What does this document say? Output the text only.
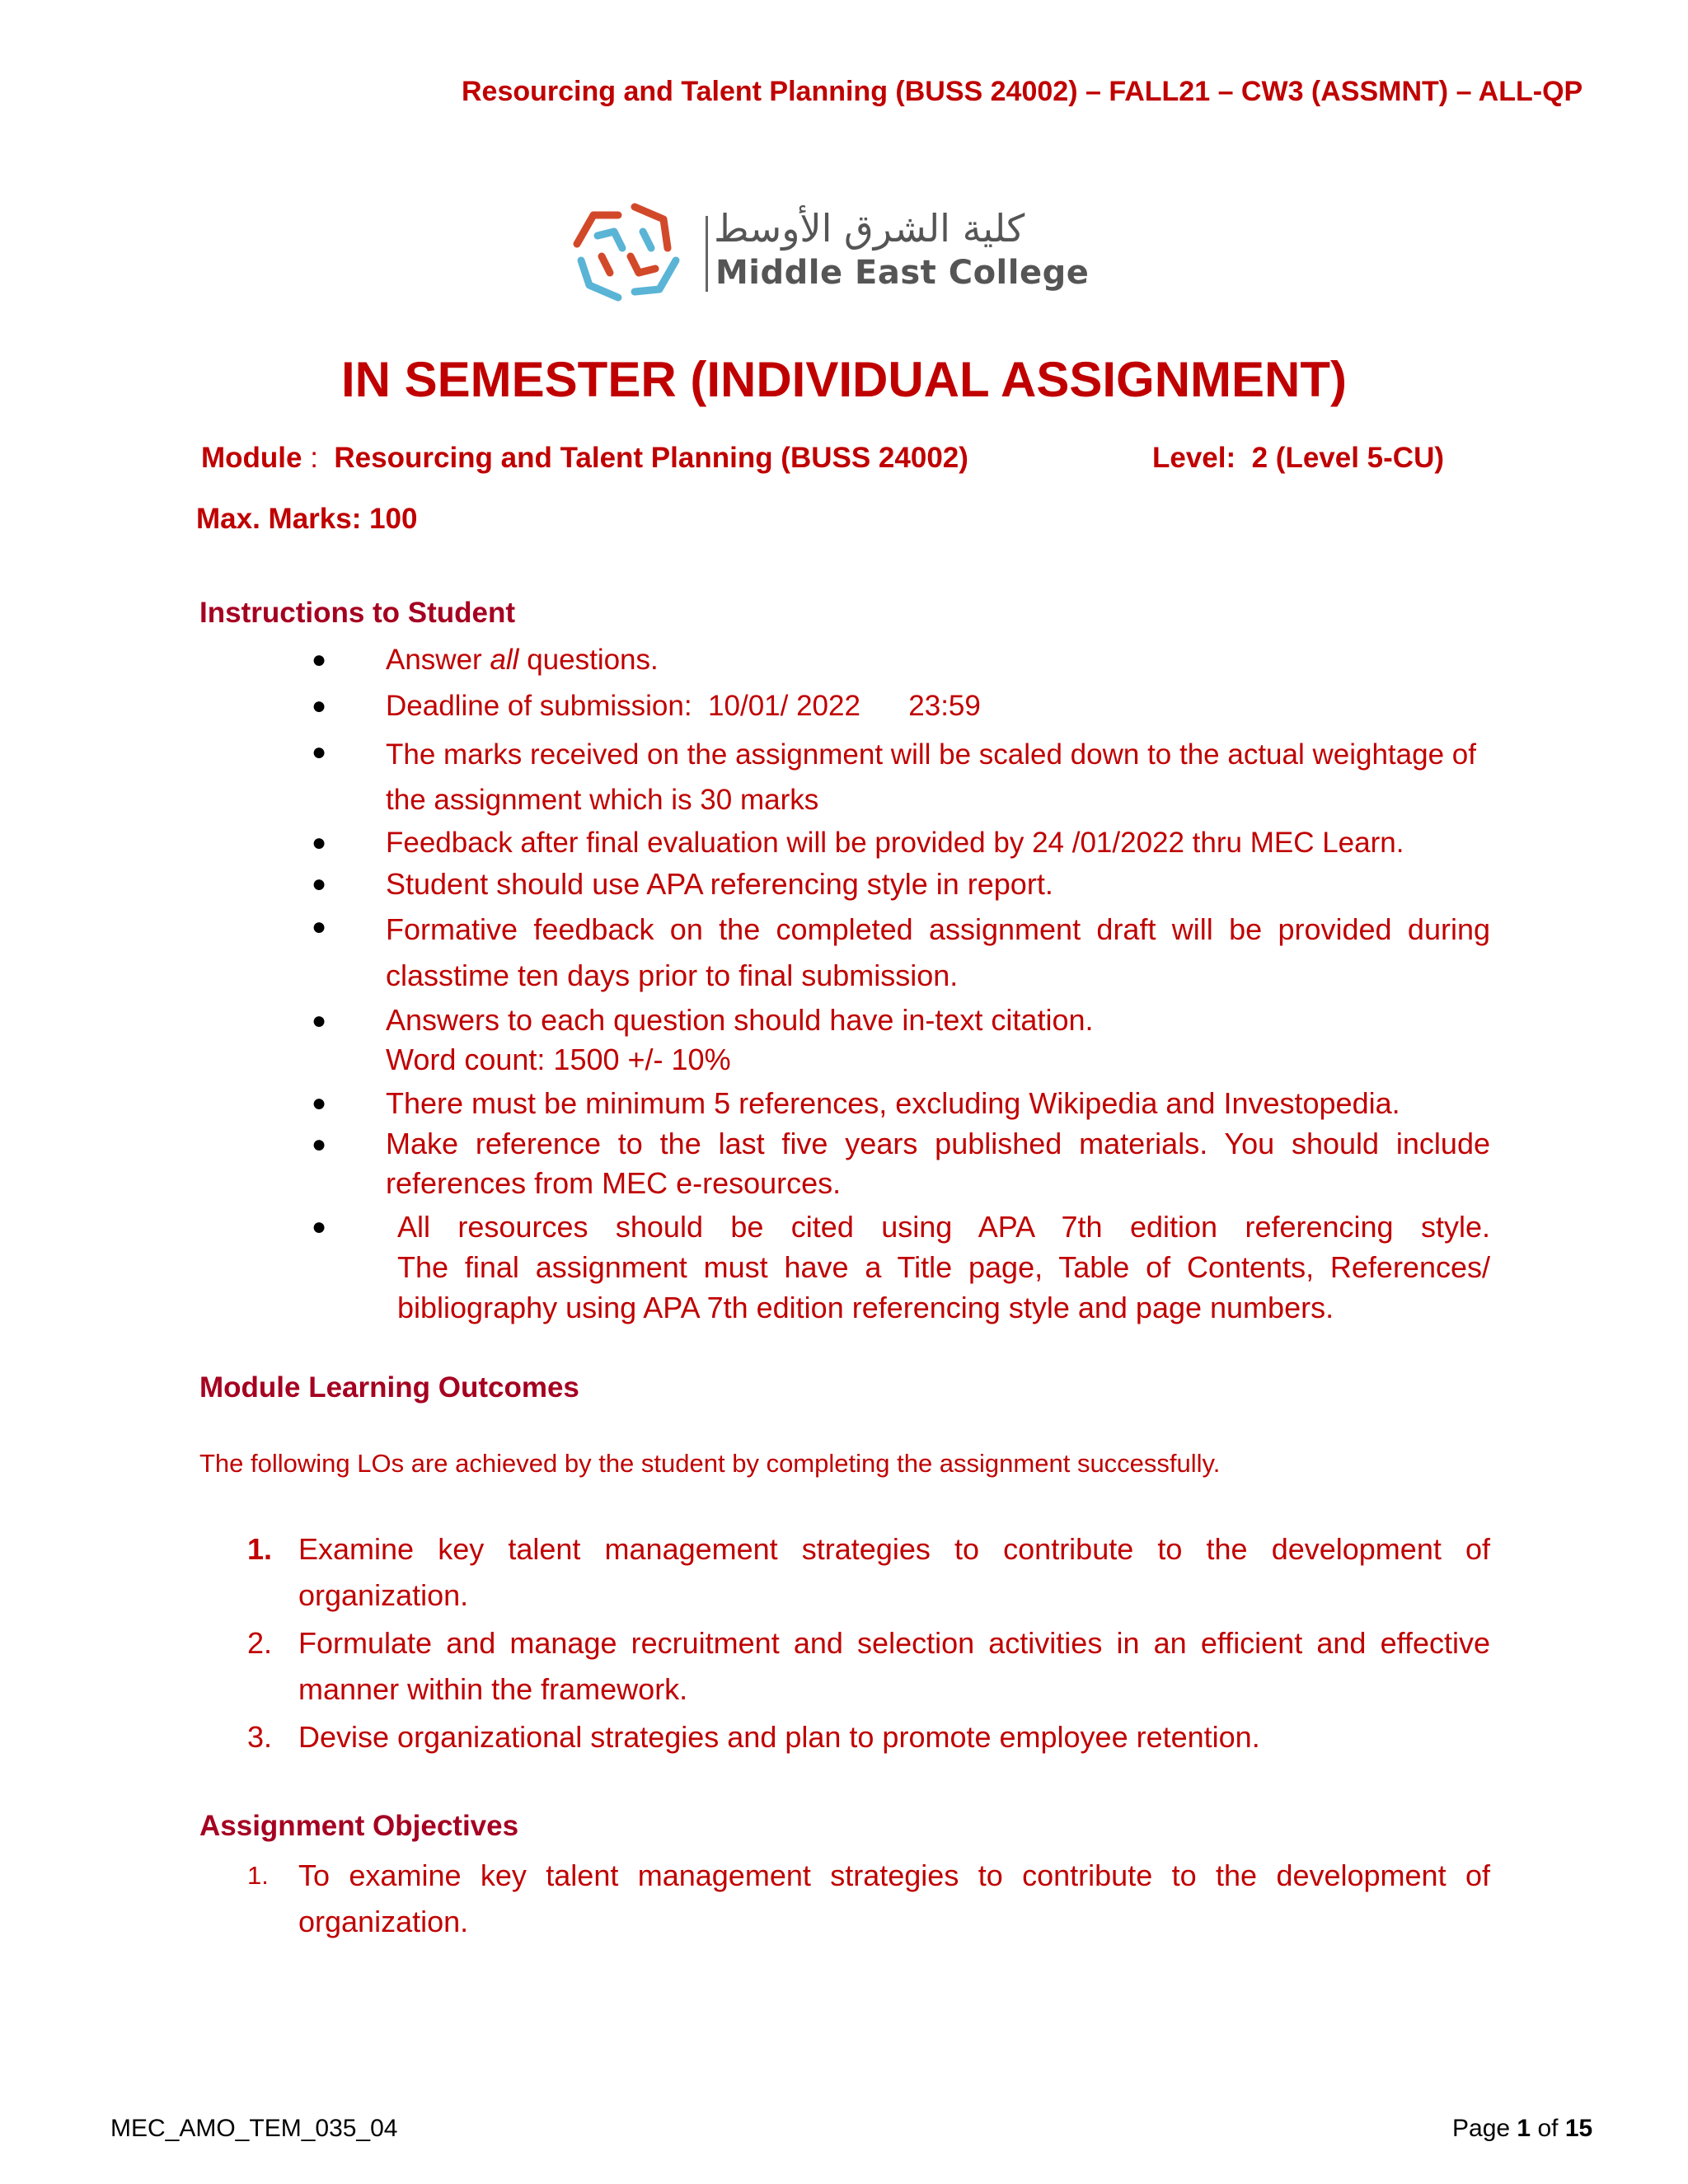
Resourcing and Talent Planning (BUSS 24002) – FALL21 – CW3 (ASSMNT) – ALL-QP
كلية الشرق الأوسط
Middle East College
IN SEMESTER (INDIVIDUAL ASSIGNMENT)
Module : Resourcing and Talent Planning (BUSS 24002)	Level: 2 (Level 5-CU)
Max. Marks: 100
Instructions to Student
● Answer all questions.
● Deadline of submission:  10/01/ 2022      23:59
● The marks received on the assignment will be scaled down to the actual weightage of
the assignment which is 30 marks
● Feedback after final evaluation will be provided by 24 /01/2022 thru MEC Learn.
● Student should use APA referencing style in report.
● Formative feedback on the completed assignment draft will be provided during
classtime ten days prior to final submission.
● Answers to each question should have in-text citation.
Word count: 1500 +/- 10%
● There must be minimum 5 references, excluding Wikipedia and Investopedia.
● Make reference to the last five years published materials. You should include
references from MEC e-resources.
● All resources should be cited using APA 7th edition referencing style.
The final assignment must have a Title page, Table of Contents, References/
bibliography using APA 7th edition referencing style and page numbers.
Module Learning Outcomes
The following LOs are achieved by the student by completing the assignment successfully.
1. Examine key talent management strategies to contribute to the development of
organization.
2. Formulate and manage recruitment and selection activities in an efficient and effective
manner within the framework.
3. Devise organizational strategies and plan to promote employee retention.
Assignment Objectives
1. To examine key talent management strategies to contribute to the development of
organization.
MEC_AMO_TEM_035_04	Page 1 of 15
